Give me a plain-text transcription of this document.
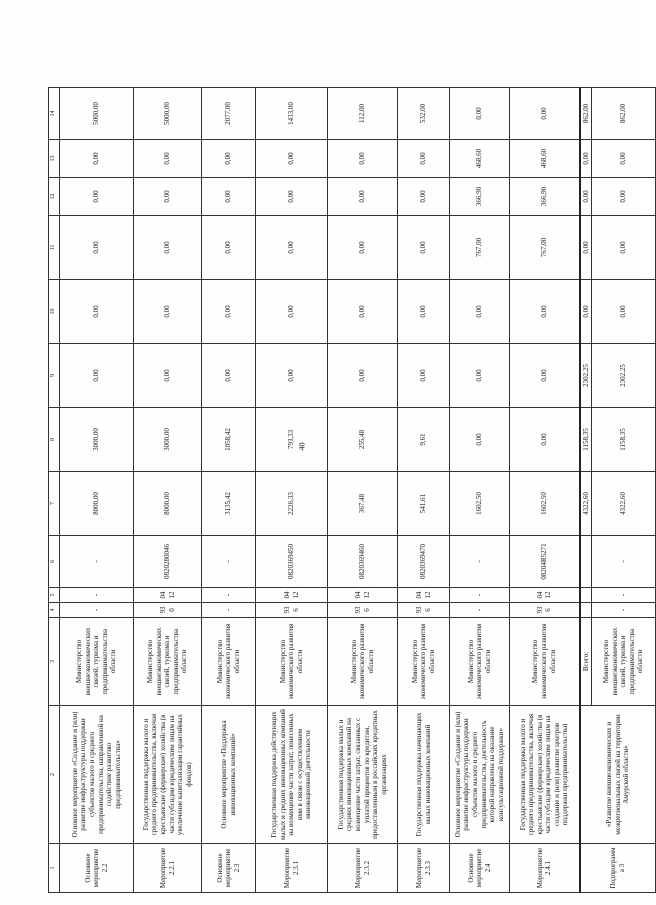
40
1	2	3	4	5	6	7	8	9	10	11	12	13	14
Основное мероприятие 2.2	Основное мероприятие «Создание и (или) развитие инфраструктуры поддержки субъектов малого и среднего предпринимательства, направленной на содействие развитию предпринимательства»	Министерство внешнеэкономических связей, туризма и предпринимательства области	-	-	-	8000,00	3000,00	0,00	0,00	0,00	0,00	0,00	5000,00
Мероприятие 2.2.1	Государственная поддержка малого и среднего предпринимательства, включая крестьянские (фермерские) хозяйства (в части субсидии юридическим лицам на увеличение капитализации гарантийных фондов)	Министерство внешнеэкономических связей, туризма и предпринимательства области	930	0412	0820280046	8000,00	3000,00	0,00	0,00	0,00	0,00	0,00	5000,00
Основное мероприятие 2.3	Основное мероприятие «Поддержка инновационных компаний»	Министерство экономического развития области	-	-	-	3135,42	1058,42	0,00	0,00	0,00	0,00	0,00	2077,00
Мероприятие 2.3.1	Государственная поддержка действующих малых и средних инновационных компаний на возмещение части затрат, понесенных ими в связи с осуществлением инновационной деятельности	Министерство экономического развития области	936	0412	0820369450	2226,33	793,33	0,00	0,00	0,00	0,00	0,00	1433,00
Мероприятие 2.3.2	Государственная поддержка малых и средних инновационных компаний на возмещение части затрат, связанных с уплатой процентов по кредитам, предоставленным в российских кредитных организациях	Министерство экономического развития области	936	0412	0820369460	367,48	255,48	0,00	0,00	0,00	0,00	0,00	112,00
Мероприятие 2.3.3	Государственная поддержка начинающих малых инновационных компаний	Министерство экономического развития области	936	0412	0820369470	541,61	9,61	0,00	0,00	0,00	0,00	0,00	532,00
Основное мероприятие 2.4	Основное мероприятие «Создание и (или) развитие инфраструктуры поддержки субъектов малого и среднего предпринимательства, деятельность которой направлена на оказание консультационной поддержки»	Министерство экономического развития области	-	-	-	1602,50	0,00	0,00	0,00	767,00	366,90	468,60	0,00
Мероприятие 2.4.1	Государственная поддержка малого и среднего предпринимательства, включая крестьянские (фермерские) хозяйства (в части субсидии юридическим лицам на создание и (или) развитие центров поддержки предпринимательства)	Министерство экономического развития области	936	0412	08204R5271	1602,50	0,00	0,00	0,00	767,00	366,90	468,60	0,00
Подпрограмма 3	«Развитие внешнеэкономических и межрегиональных связей на территории Амурской области»	Всего:				4322,60	1158,35	2302,25	0,00	0,00	0,00	0,00	862,00
		Министерство внешнеэкономических связей, туризма и предпринимательства области	-	-	-	4322,60	1158,35	2302,25	0,00	0,00	0,00	0,00	862,00
